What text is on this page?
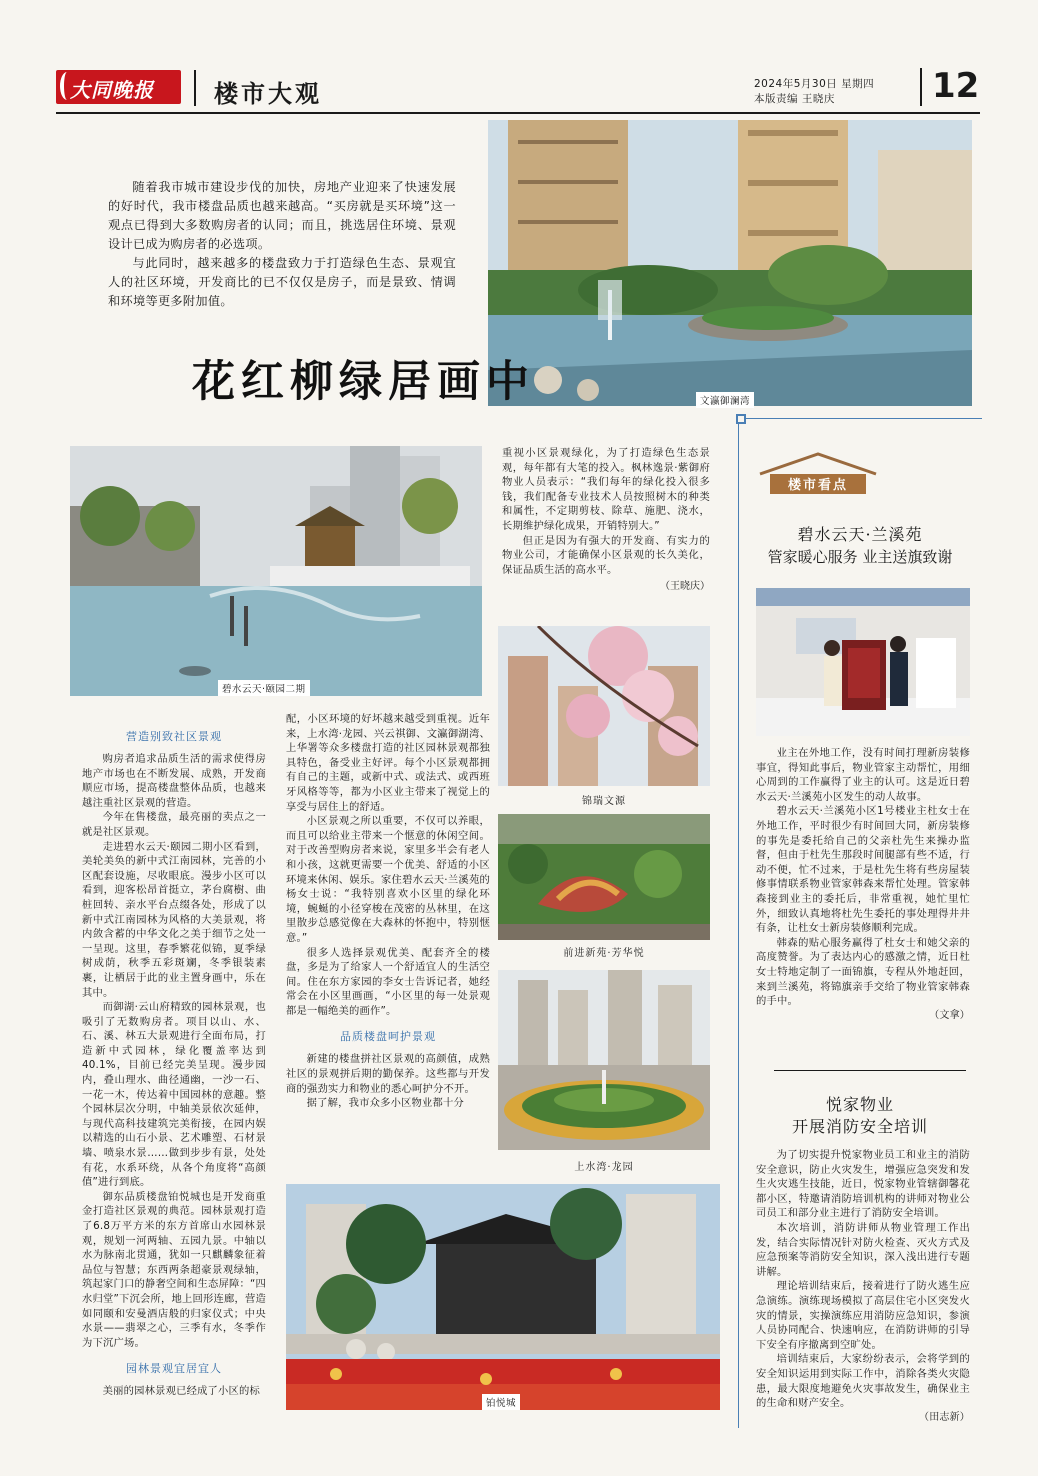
大同晚报	楼市大观	2024年5月30日 星期四
本版责编 王晓庆	12

随着我市城市建设步伐的加快，房地产业迎来了快速发展的好时代，我市楼盘品质也越来越高。“买房就是买环境”这一观点已得到大多数购房者的认同；而且，挑选居住环境、景观设计已成为购房者的必选项。

与此同时，越来越多的楼盘致力于打造绿色生态、景观宜人的社区环境，开发商比的已不仅仅是房子，而是景致、情调和环境等更多附加值。

文瀛御澜湾
花红柳绿居画中
碧水云天·颐园二期
营造别致社区景观

购房者追求品质生活的需求使得房地产市场也在不断发展、成熟，开发商顺应市场，提高楼盘整体品质，也越来越注重社区景观的营造。

今年在售楼盘，最亮丽的卖点之一就是社区景观。

走进碧水云天·颐园二期小区看到，美轮美奂的新中式江南园林，完善的小区配套设施，尽收眼底。漫步小区可以看到，迎客松昂首挺立，茅台腐樹、曲桩回转、亲水平台点缀各处，形成了以新中式江南园林为风格的大美景观，将内敛含蓄的中华文化之美于细节之处一一呈现。这里，春季繁花似锦，夏季绿树成荫，秋季五彩斑斓，冬季银装素裹，让栖居于此的业主置身画中，乐在其中。

而御湖·云山府精致的园林景观，也吸引了无数购房者。项目以山、水、石、溪、林五大景观进行全面布局，打造新中式园林，绿化覆盖率达到40.1%，目前已经完美呈现。漫步园内，叠山理水、曲径通幽，一沙一石、一花一木，传达着中国园林的意趣。整个园林层次分明，中轴美景依次延伸，与现代高科技建筑完美衔接，在园内娱以精选的山石小景、艺术雕塑、石材景墙、喷泉水景……做到步步有景，处处有花，水系环绕，从各个角度将“高颜值”进行到底。

御东品质楼盘铂悦城也是开发商重金打造社区景观的典范。园林景观打造了6.8万平方米的东方首席山水园林景观，规划一河两轴、五园九景。中轴以水为脉南北贯通，犹如一只麒麟象征着品位与智慧；东西两条超豪景观绿轴，筑起家门口的静奢空间和生态屏障：“四水归堂”下沉会所，地上回形连廊，营造如同颐和安曼酒店般的归家仪式；中央水景——翡翠之心，三季有水，冬季作为下沉广场。

园林景观宜居宜人

美丽的园林景观已经成了小区的标

配，小区环境的好坏越来越受到重视。近年来，上水湾·龙园、兴云祺御、文瀛御湖湾、上华署等众多楼盘打造的社区园林景观都独具特色，备受业主好评。每个小区景观都拥有自己的主题，或新中式、或法式、或西班牙风格等等，都为小区业主带来了视觉上的享受与居住上的舒适。

小区景观之所以重要，不仅可以养眼，而且可以给业主带来一个惬意的休闲空间。对于改善型购房者来说，家里多半会有老人和小孩，这就更需要一个优美、舒适的小区环境来休闲、娱乐。家住碧水云天·兰溪苑的杨女士说：“我特别喜欢小区里的绿化环境，蜿蜒的小径穿梭在茂密的丛林里，在这里散步总感觉像在大森林的怀抱中，特别惬意。”

很多人选择景观优美、配套齐全的楼盘，多是为了给家人一个舒适宜人的生活空间。住在东方家园的李女士告诉记者，她经常会在小区里画画，“小区里的每一处景观都是一幅绝美的画作”。

品质楼盘呵护景观

新建的楼盘拼社区景观的高颜值，成熟社区的景观拼后期的勤保养。这些都与开发商的强劲实力和物业的悉心呵护分不开。

据了解，我市众多小区物业都十分

重视小区景观绿化，为了打造绿色生态景观，每年都有大笔的投入。枫林逸景·紫御府物业人员表示：“我们每年的绿化投入很多钱，我们配备专业技术人员按照树木的种类和属性，不定期剪枝、除草、施肥、浇水，长期维护绿化成果，开销特别大。”

但正是因为有强大的开发商、有实力的物业公司，才能确保小区景观的长久美化，保证品质生活的高水平。

（王晓庆）
锦瑞文源
前进新苑·芳华悦
上水湾·龙园
铂悦城
楼市看点
碧水云天·兰溪苑
管家暖心服务 业主送旗致谢

业主在外地工作，没有时间打理新房装修事宜，得知此事后，物业管家主动帮忙，用细心周到的工作赢得了业主的认可。这是近日碧水云天·兰溪苑小区发生的动人故事。

碧水云天·兰溪苑小区1号楼业主杜女士在外地工作，平时很少有时间回大同，新房装修的事先是委托给自己的父亲杜先生来操办监督，但由于杜先生那段时间腿部有些不适，行动不便，忙不过来，于是杜先生将有些房屋装修事情联系物业管家韩森来帮忙处理。管家韩森接到业主的委托后，非常重视，她忙里忙外，细致认真地将杜先生委托的事处理得井井有条，让杜女士新房装修顺利完成。

韩森的贴心服务赢得了杜女士和她父亲的高度赞誉。为了表达内心的感激之情，近日杜女士特地定制了一面锦旗，专程从外地赶回，来到兰溪苑，将锦旗亲手交给了物业管家韩森的手中。

（文拿）
悦家物业
开展消防安全培训

为了切实提升悦家物业员工和业主的消防安全意识，防止火灾发生，增强应急突发和发生火灾逃生技能，近日，悦家物业管辖御馨花都小区，特邀请消防培训机构的讲师对物业公司员工和部分业主进行了消防安全培训。

本次培训，消防讲师从物业管理工作出发，结合实际情况针对防火检查、灭火方式及应急预案等消防安全知识，深入浅出进行专题讲解。

理论培训结束后，接着进行了防火逃生应急演练。演练现场模拟了高层住宅小区突发火灾的情景，实操演练应用消防应急知识，参演人员协同配合、快速响应，在消防讲师的引导下安全有序撤离到空旷处。

培训结束后，大家纷纷表示，会将学到的安全知识运用到实际工作中，消除各类火灾隐患，最大限度地避免火灾事故发生，确保业主的生命和财产安全。

（田志新）
